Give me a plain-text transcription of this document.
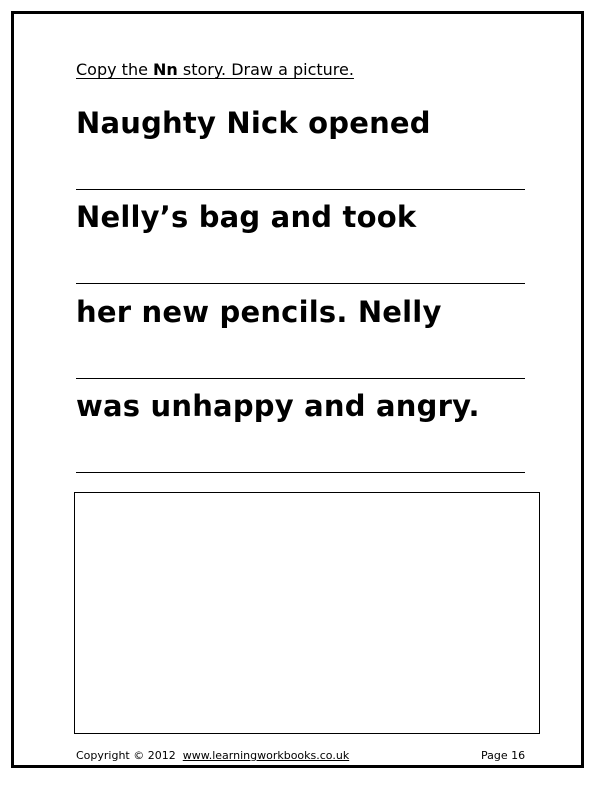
Copy the Nn story. Draw a picture.
Naughty Nick opened
Nelly’s bag and took
her new pencils. Nelly
was unhappy and angry.
Copyright © 2012 www.learningworkbooks.co.uk	Page 16
